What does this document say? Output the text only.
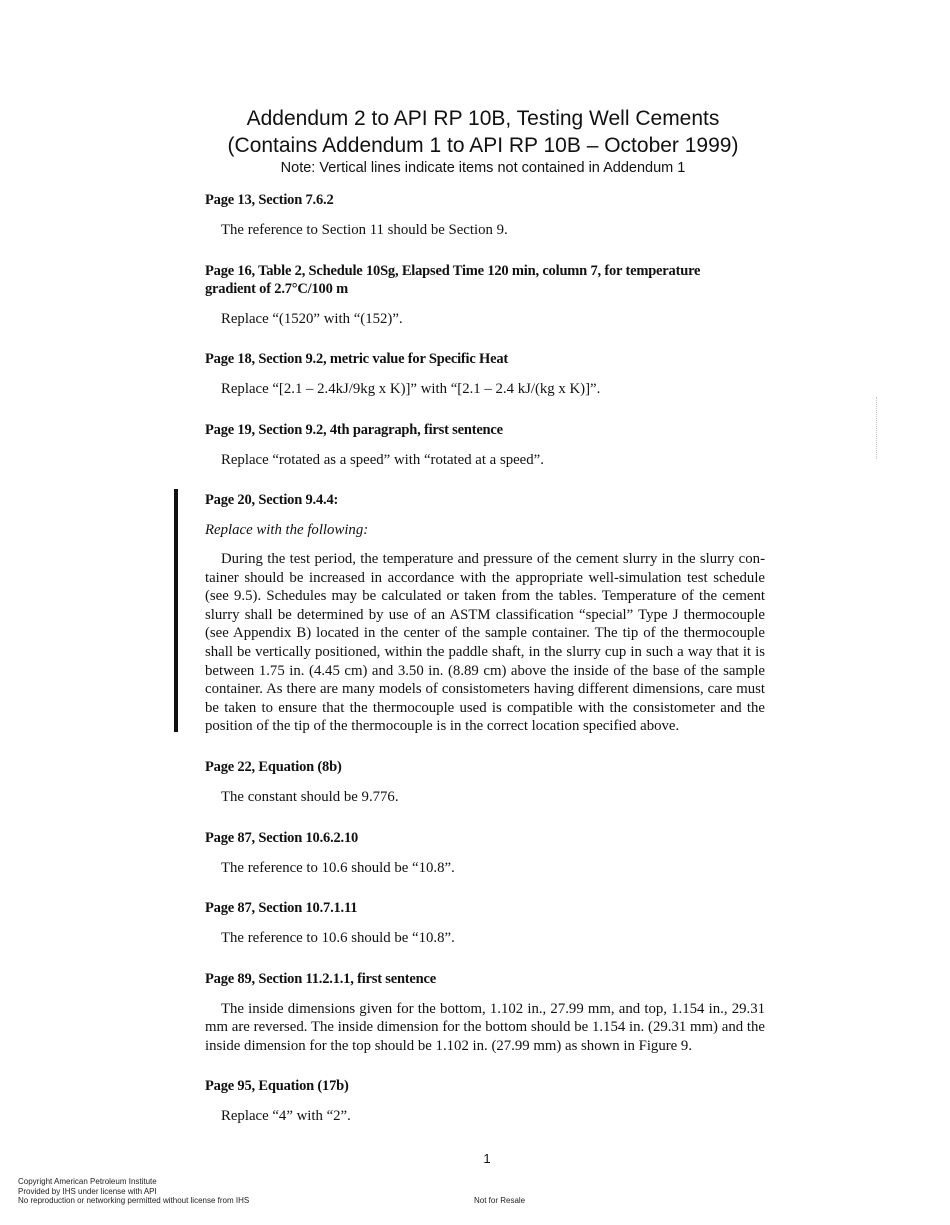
Addendum 2 to API RP 10B, Testing Well Cements
(Contains Addendum 1 to API RP 10B – October 1999)
Note: Vertical lines indicate items not contained in Addendum 1
Page 13, Section 7.6.2
The reference to Section 11 should be Section 9.
Page 16, Table 2, Schedule 10Sg, Elapsed Time 120 min, column 7, for temperature
gradient of 2.7°C/100 m
Replace “(1520” with “(152)”.
Page 18, Section 9.2, metric value for Specific Heat
Replace “[2.1 – 2.4kJ/9kg x K)]” with “[2.1 – 2.4 kJ/(kg x K)]”.
Page 19, Section 9.2, 4th paragraph, first sentence
Replace “rotated as a speed” with “rotated at a speed”.
Page 20, Section 9.4.4:
Replace with the following:
During the test period, the temperature and pressure of the cement slurry in the slurry container should be increased in accordance with the appropriate well-simulation test schedule (see 9.5). Schedules may be calculated or taken from the tables. Temperature of the cement slurry shall be determined by use of an ASTM classification “special” Type J thermocouple (see Appendix B) located in the center of the sample container. The tip of the thermocouple shall be vertically positioned, within the paddle shaft, in the slurry cup in such a way that it is between 1.75 in. (4.45 cm) and 3.50 in. (8.89 cm) above the inside of the base of the sample container. As there are many models of consistometers having different dimensions, care must be taken to ensure that the thermocouple used is compatible with the consistometer and the position of the tip of the thermocouple is in the correct location specified above.
Page 22, Equation (8b)
The constant should be 9.776.
Page 87, Section 10.6.2.10
The reference to 10.6 should be “10.8”.
Page 87, Section 10.7.1.11
The reference to 10.6 should be “10.8”.
Page 89, Section 11.2.1.1, first sentence
The inside dimensions given for the bottom, 1.102 in., 27.99 mm, and top, 1.154 in., 29.31 mm are reversed. The inside dimension for the bottom should be 1.154 in. (29.31 mm) and the inside dimension for the top should be 1.102 in. (27.99 mm) as shown in Figure 9.
Page 95, Equation (17b)
Replace “4” with “2”.
1
Copyright American Petroleum Institute
Provided by IHS under license with API
No reproduction or networking permitted without license from IHS	Not for Resale
